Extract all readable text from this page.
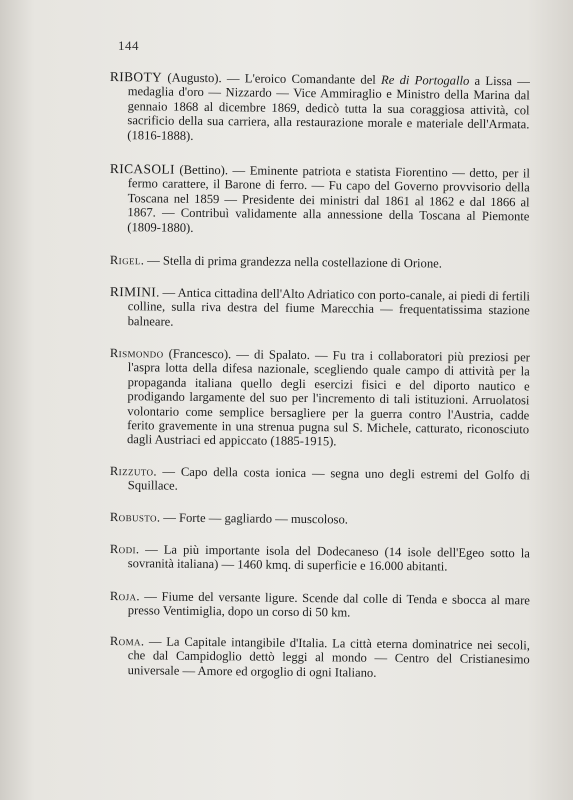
144

RIBOTY (Augusto). — L'eroico Comandante del Re di Portogallo a Lissa — medaglia d'oro — Nizzardo — Vice Ammiraglio e Ministro della Marina dal gennaio 1868 al dicembre 1869, dedicò tutta la sua coraggiosa attività, col sacrificio della sua carriera, alla restaurazione morale e materiale dell'Armata. (1816-1888).

RICASOLI (Bettino). — Eminente patriota e statista Fiorentino — detto, per il fermo carattere, il Barone di ferro. — Fu capo del Governo provvisorio della Toscana nel 1859 — Presidente dei ministri dal 1861 al 1862 e dal 1866 al 1867. — Contribuì validamente alla annessione della Toscana al Piemonte (1809-1880).

Rigel. — Stella di prima grandezza nella costellazione di Orione.

RIMINI. — Antica cittadina dell'Alto Adriatico con porto-canale, ai piedi di fertili colline, sulla riva destra del fiume Marecchia — frequentatissima stazione balneare.

Rismondo (Francesco). — di Spalato. — Fu tra i collaboratori più preziosi per l'aspra lotta della difesa nazionale, scegliendo quale campo di attività per la propaganda italiana quello degli esercizi fisici e del diporto nautico e prodigando largamente del suo per l'incremento di tali istituzioni. Arruolatosi volontario come semplice bersagliere per la guerra contro l'Austria, cadde ferito gravemente in una strenua pugna sul S. Michele, catturato, riconosciuto dagli Austriaci ed appiccato (1885-1915).

Rizzuto. — Capo della costa ionica — segna uno degli estremi del Golfo di Squillace.

Robusto. — Forte — gagliardo — muscoloso.

Rodi. — La più importante isola del Dodecaneso (14 isole dell'Egeo sotto la sovranità italiana) — 1460 kmq. di superficie e 16.000 abitanti.

Roja. — Fiume del versante ligure. Scende dal colle di Tenda e sbocca al mare presso Ventimiglia, dopo un corso di 50 km.

Roma. — La Capitale intangibile d'Italia. La città eterna dominatrice nei secoli, che dal Campidoglio dettò leggi al mondo — Centro del Cristianesimo universale — Amore ed orgoglio di ogni Italiano.
